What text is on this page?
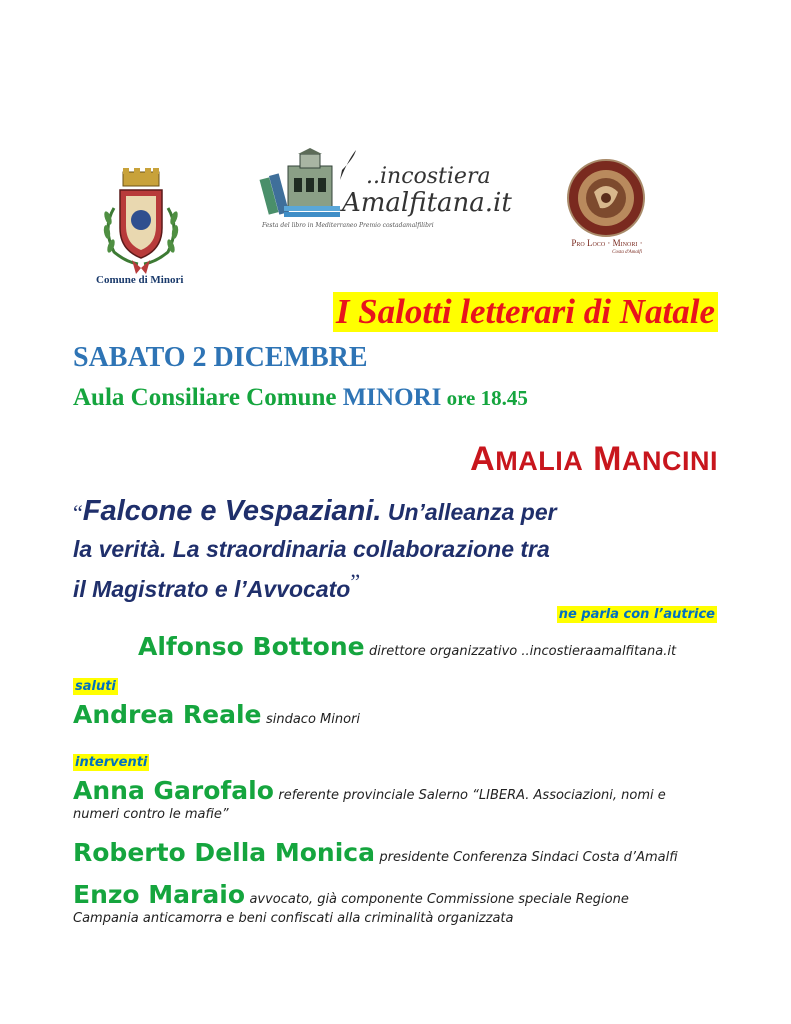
Comune di Minori
..incostiera
Amalfitana.it
Festa del libro in Mediterraneo Premio costadamalfilibri
Pro Loco · Minori ·
Costa d'Amalfi
I Salotti letterari di Natale
SABATO 2 DICEMBRE
Aula Consiliare Comune MINORI ore 18.45
AMALIA MANCINI
“Falcone e Vespaziani. Un’alleanza per
la verità. La straordinaria collaborazione tra
il Magistrato e l’Avvocato”
ne parla con l’autrice
Alfonso Bottone direttore organizzativo ..incostieraamalfitana.it
saluti
Andrea Reale sindaco Minori
interventi
Anna Garofalo referente provinciale Salerno “LIBERA. Associazioni, nomi e
numeri contro le mafie”
Roberto Della Monica presidente Conferenza Sindaci Costa d’Amalfi
Enzo Maraio avvocato, già componente Commissione speciale Regione
Campania anticamorra e beni confiscati alla criminalità organizzata
